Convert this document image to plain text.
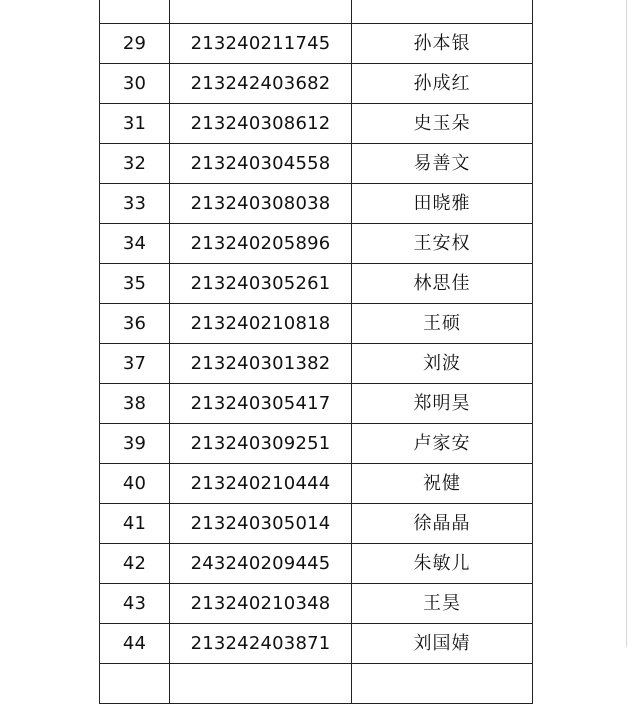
29	213240211745	孙本银
30	213242403682	孙成红
31	213240308612	史玉朵
32	213240304558	易善文
33	213240308038	田晓雅
34	213240205896	王安权
35	213240305261	林思佳
36	213240210818	王硕
37	213240301382	刘波
38	213240305417	郑明昊
39	213240309251	卢家安
40	213240210444	祝健
41	213240305014	徐晶晶
42	243240209445	朱敏儿
43	213240210348	王昊
44	213242403871	刘国婧
